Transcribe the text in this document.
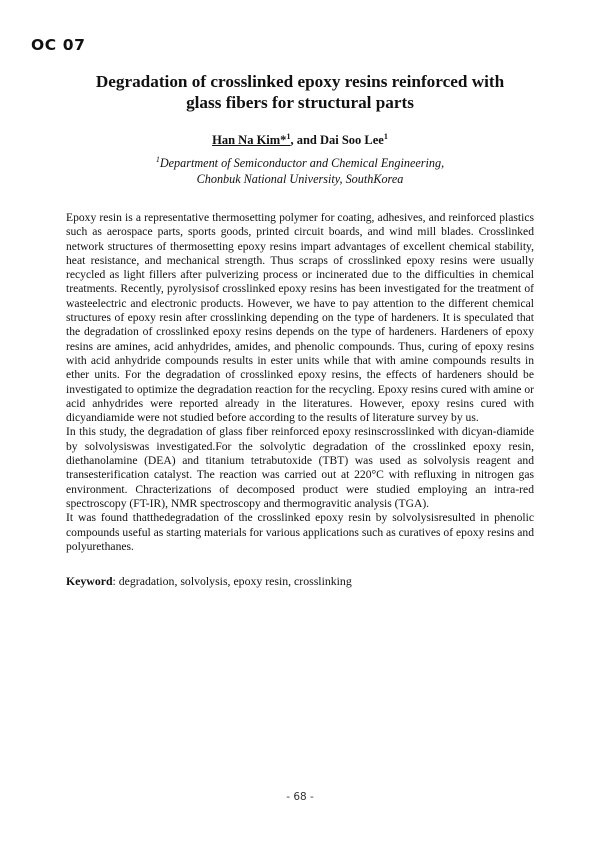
OC 07
Degradation of crosslinked epoxy resins reinforced with
glass fibers for structural parts
Han Na Kim*$^1$, and Dai Soo Lee$^1$
$^1$Department of Semiconductor and Chemical Engineering,
Chonbuk National University, SouthKorea

Epoxy resin is a representative thermosetting polymer for coating, adhesives, and reinforced plastics such as aerospace parts, sports goods, printed circuit boards, and wind mill blades. Crosslinked network structures of thermosetting epoxy resins impart advantages of excellent chemical stability, heat resistance, and mechanical strength. Thus scraps of crosslinked epoxy resins were usually recycled as light fillers after pulverizing process or incinerated due to the difficulties in chemical treatments. Recently, pyrolysisof crosslinked epoxy resins has been investigated for the treatment of wasteelectric and electronic products. However, we have to pay attention to the different chemical structures of epoxy resin after crosslinking depending on the type of hardeners. It is speculated that the degradation of crosslinked epoxy resins depends on the type of hardeners. Hardeners of epoxy resins are amines, acid anhydrides, amides, and phenolic compounds. Thus, curing of epoxy resins with acid anhydride compounds results in ester units while that with amine compounds results in ether units. For the degradation of crosslinked epoxy resins, the effects of hardeners should be investigated to optimize the degradation reaction for the recycling. Epoxy resins cured with amine or acid anhydrides were reported already in the literatures. However, epoxy resins cured with dicyandiamide were not studied before according to the results of literature survey by us.

In this study, the degradation of glass fiber reinforced epoxy resinscrosslinked with dicyan-diamide by solvolysiswas investigated.For the solvolytic degradation of the crosslinked epoxy resin, diethanolamine (DEA) and titanium tetrabutoxide (TBT) was used as solvolysis reagent and transesterification catalyst. The reaction was carried out at 220°C with refluxing in nitrogen gas environment. Chracterizations of decomposed product were studied employing an intra-red spectroscopy (FT-IR), NMR spectroscopy and thermogravitic analysis (TGA).

It was found thatthedegradation of the crosslinked epoxy resin by solvolysisresulted in phenolic compounds useful as starting materials for various applications such as curatives of epoxy resins and polyurethanes.

Keyword: degradation, solvolysis, epoxy resin, crosslinking
- 68 -
